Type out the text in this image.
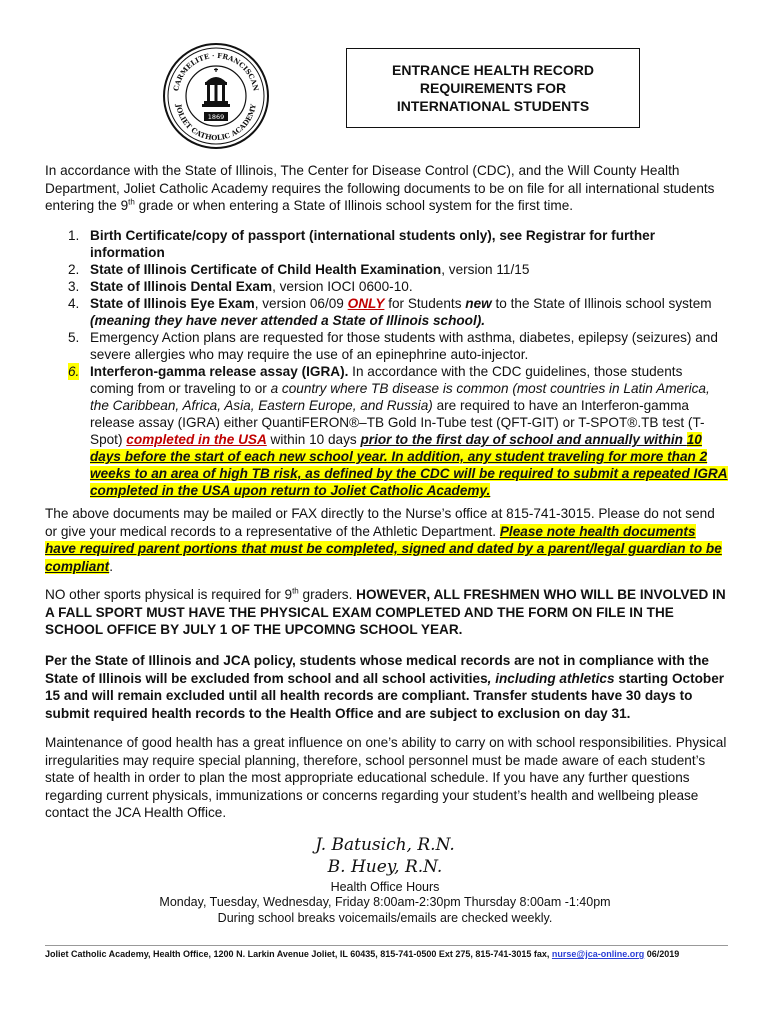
CARMELITE · FRANCISCAN
JOLIET CATHOLIC ACADEMY
1869
ENTRANCE HEALTH RECORD
REQUIREMENTS FOR
INTERNATIONAL STUDENTS

In accordance with the State of Illinois, The Center for Disease Control (CDC), and the Will County Health Department, Joliet Catholic Academy requires the following documents to be on file for all international students entering the 9th grade or when entering a State of Illinois school system for the first time.

1. Birth Certificate/copy of passport (international students only), see Registrar for further information
2. State of Illinois Certificate of Child Health Examination, version 11/15
3. State of Illinois Dental Exam, version IOCI 0600-10.
4. State of Illinois Eye Exam, version 06/09 ONLY for Students new to the State of Illinois school system (meaning they have never attended a State of Illinois school).
5. Emergency Action plans are requested for those students with asthma, diabetes, epilepsy (seizures) and severe allergies who may require the use of an epinephrine auto-injector.
6. Interferon-gamma release assay (IGRA). In accordance with the CDC guidelines, those students coming from or traveling to or a country where TB disease is common (most countries in Latin America, the Caribbean, Africa, Asia, Eastern Europe, and Russia) are required to have an Interferon-gamma release assay (IGRA) either QuantiFERON®–TB Gold In-Tube test (QFT-GIT) or T-SPOT®.TB test (T-Spot) completed in the USA within 10 days prior to the first day of school and annually within 10 days before the start of each new school year. In addition, any student traveling for more than 2 weeks to an area of high TB risk, as defined by the CDC will be required to submit a repeated IGRA completed in the USA upon return to Joliet Catholic Academy.

The above documents may be mailed or FAX directly to the Nurse’s office at 815-741-3015. Please do not send or give your medical records to a representative of the Athletic Department. Please note health documents have required parent portions that must be completed, signed and dated by a parent/legal guardian to be compliant.

NO other sports physical is required for 9th graders. HOWEVER, ALL FRESHMEN WHO WILL BE INVOLVED IN A FALL SPORT MUST HAVE THE PHYSICAL EXAM COMPLETED AND THE FORM ON FILE IN THE SCHOOL OFFICE BY JULY 1 OF THE UPCOMNG SCHOOL YEAR.

Per the State of Illinois and JCA policy, students whose medical records are not in compliance with the State of Illinois will be excluded from school and all school activities, including athletics starting October 15 and will remain excluded until all health records are compliant. Transfer students have 30 days to submit required health records to the Health Office and are subject to exclusion on day 31.

Maintenance of good health has a great influence on one’s ability to carry on with school responsibilities. Physical irregularities may require special planning, therefore, school personnel must be made aware of each student’s state of health in order to plan the most appropriate educational schedule. If you have any further questions regarding current physicals, immunizations or concerns regarding your student’s health and wellbeing please contact the JCA Health Office.

J. Batusich, R.N.
B. Huey, R.N.
Health Office Hours
Monday, Tuesday, Wednesday, Friday 8:00am-2:30pm Thursday 8:00am -1:40pm
During school breaks voicemails/emails are checked weekly.
Joliet Catholic Academy, Health Office, 1200 N. Larkin Avenue Joliet, IL 60435, 815-741-0500 Ext 275, 815-741-3015 fax, nurse@jca-online.org 06/2019
